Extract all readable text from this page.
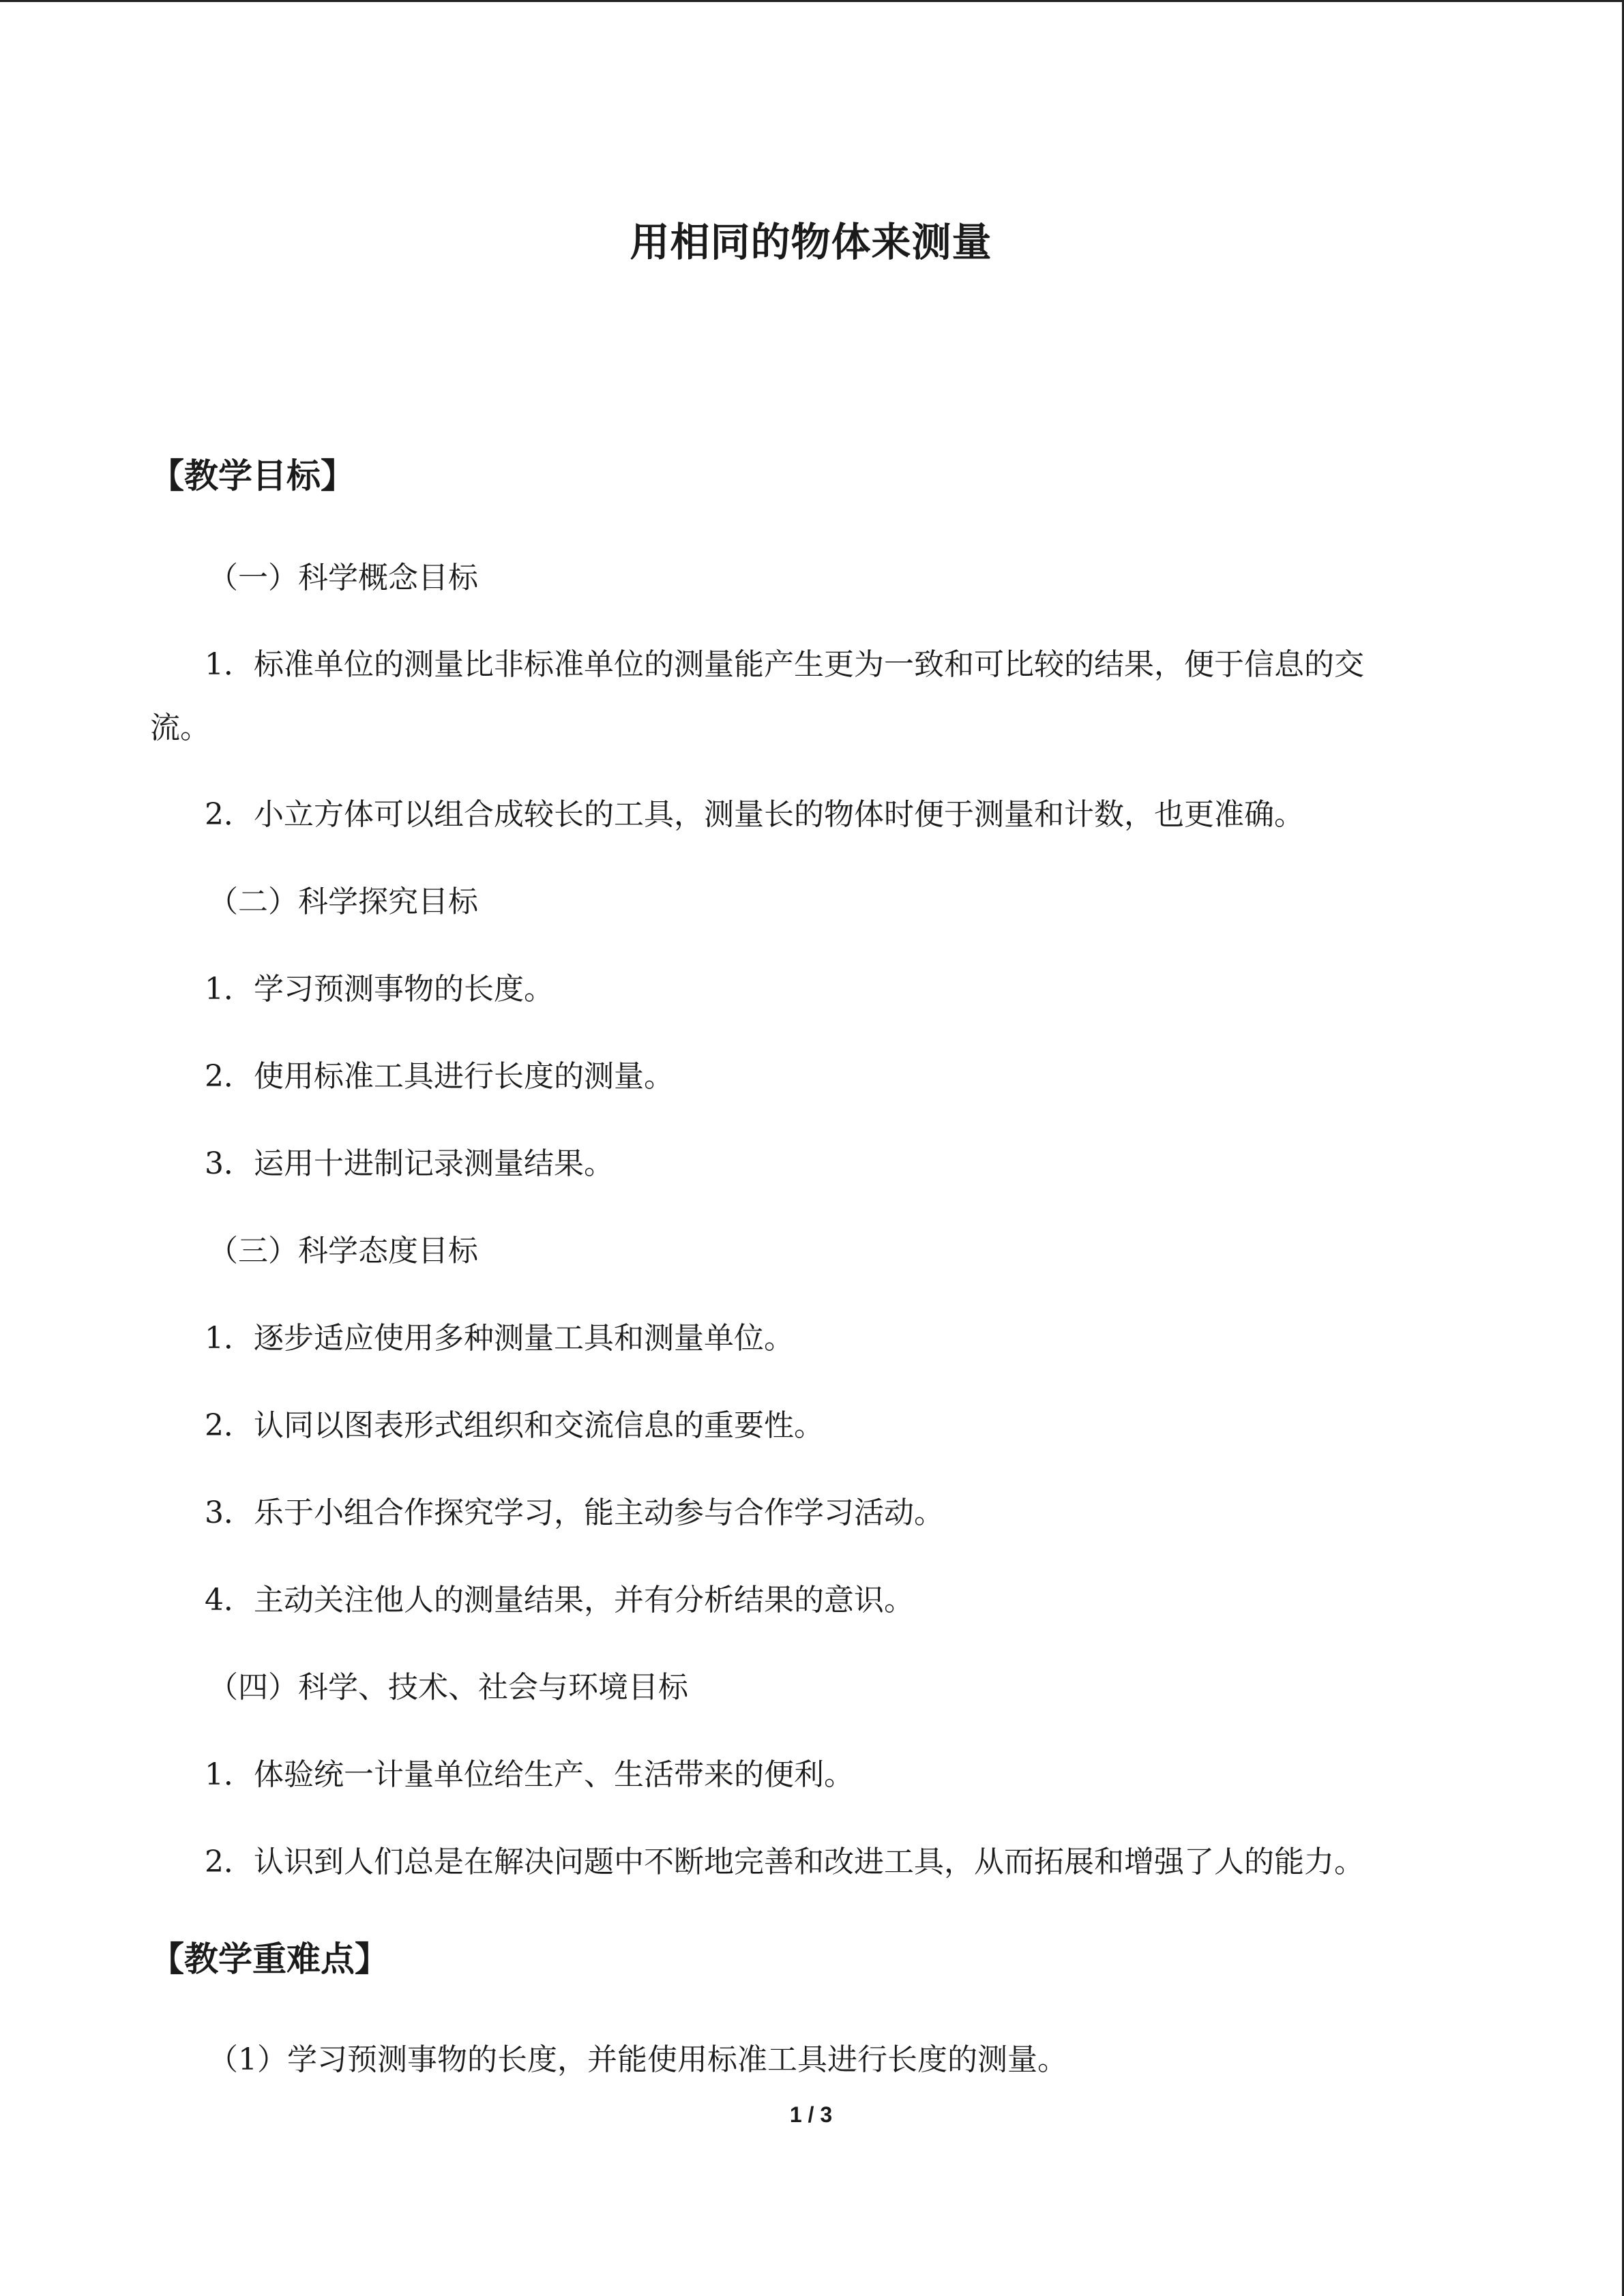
用相同的物体来测量
【教学目标】
（一）科学概念目标
1．标准单位的测量比非标准单位的测量能产生更为一致和可比较的结果，便于信息的交
流。
2．小立方体可以组合成较长的工具，测量长的物体时便于测量和计数，也更准确。
（二）科学探究目标
1．学习预测事物的长度。
2．使用标准工具进行长度的测量。
3．运用十进制记录测量结果。
（三）科学态度目标
1．逐步适应使用多种测量工具和测量单位。
2．认同以图表形式组织和交流信息的重要性。
3．乐于小组合作探究学习，能主动参与合作学习活动。
4．主动关注他人的测量结果，并有分析结果的意识。
（四）科学、技术、社会与环境目标
1．体验统一计量单位给生产、生活带来的便利。
2．认识到人们总是在解决问题中不断地完善和改进工具，从而拓展和增强了人的能力。
【教学重难点】
（1）学习预测事物的长度，并能使用标准工具进行长度的测量。
1 / 3
